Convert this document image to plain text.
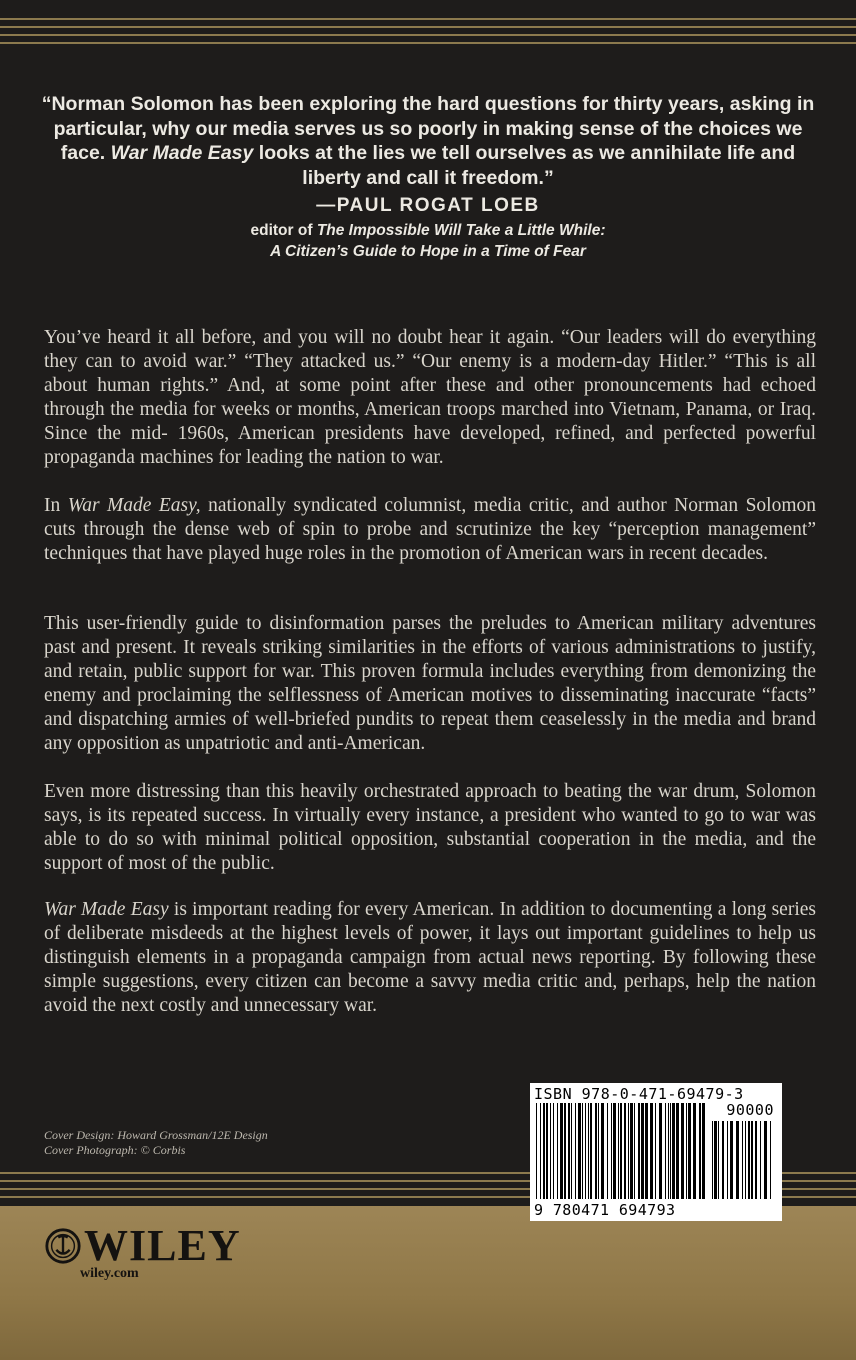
“Norman Solomon has been exploring the hard questions for thirty years, asking in particular, why our media serves us so poorly in making sense of the choices we face. War Made Easy looks at the lies we tell ourselves as we annihilate life and liberty and call it freedom.”
—PAUL ROGAT LOEB
editor of The Impossible Will Take a Little While:
A Citizen’s Guide to Hope in a Time of Fear

You’ve heard it all before, and you will no doubt hear it again. “Our leaders will do everything they can to avoid war.” “They attacked us.” “Our enemy is a modern-day Hitler.” “This is all about human rights.” And, at some point after these and other pronouncements had echoed through the media for weeks or months, American troops marched into Vietnam, Panama, or Iraq. Since the mid- 1960s, American presidents have developed, refined, and perfected powerful propaganda machines for leading the nation to war.

In War Made Easy, nationally syndicated columnist, media critic, and author Norman Solomon cuts through the dense web of spin to probe and scrutinize the key “perception management” techniques that have played huge roles in the promotion of American wars in recent decades.

This user-friendly guide to disinformation parses the preludes to American military adventures past and present. It reveals striking similarities in the efforts of various administrations to justify, and retain, public support for war. This proven formula includes everything from demonizing the enemy and proclaiming the selflessness of American motives to disseminating inaccurate “facts” and dispatching armies of well-briefed pundits to repeat them ceaselessly in the media and brand any opposition as unpatriotic and anti-American.

Even more distressing than this heavily orchestrated approach to beating the war drum, Solomon says, is its repeated success. In virtually every instance, a president who wanted to go to war was able to do so with minimal political opposition, substantial cooperation in the media, and the support of most of the public.

War Made Easy is important reading for every American. In addition to documenting a long series of deliberate misdeeds at the highest levels of power, it lays out important guidelines to help us distinguish elements in a propaganda campaign from actual news reporting. By following these simple suggestions, every citizen can become a savvy media critic and, perhaps, help the nation avoid the next costly and unnecessary war.

Cover Design: Howard Grossman/12E Design
Cover Photograph: © Corbis
WILEY
wiley.com
ISBN 978-0-471-69479-3
90000
9 780471 694793
